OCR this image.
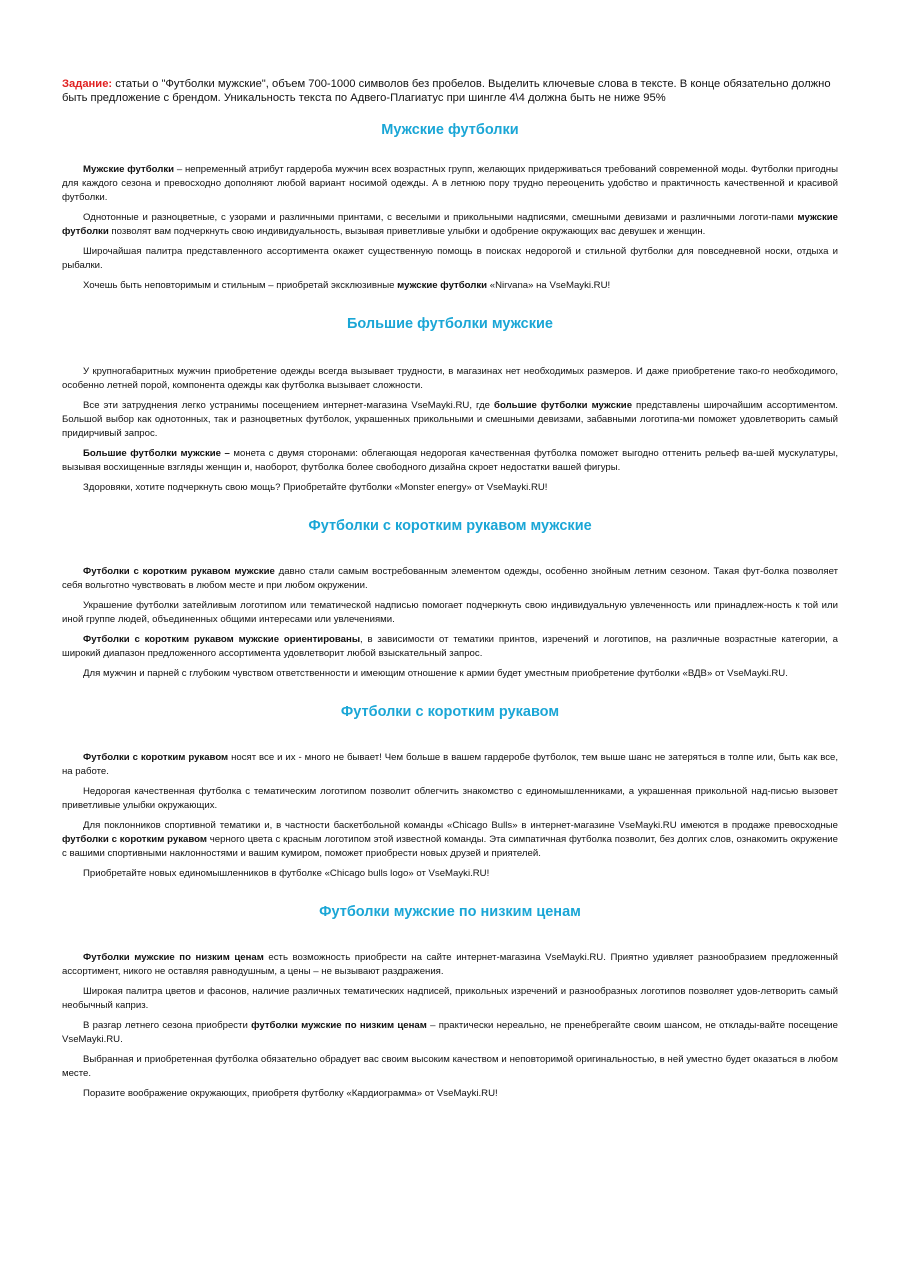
Задание: статьи о "Футболки мужские", объем 700-1000 символов без пробелов. Выделить ключевые слова в тексте. В конце обязательно должно быть предложение с брендом. Уникальность текста по Адвего-Плагиатус при шингле 4\4 должна быть не ниже 95%

Мужские футболки

Мужские футболки – непременный атрибут гардероба мужчин всех возрастных групп, желающих придерживаться требований современной моды. Футболки пригодны для каждого сезона и превосходно дополняют любой вариант носимой одежды. А в летнюю пору трудно переоценить удобство и практичность качественной и красивой футболки.

Однотонные и разноцветные, с узорами и различными принтами, с веселыми и прикольными надписями, смешными девизами и различными логоти-пами мужские футболки позволят вам подчеркнуть свою индивидуальность, вызывая приветливые улыбки и одобрение окружающих вас девушек и женщин.

Широчайшая палитра представленного ассортимента окажет существенную помощь в поисках недорогой и стильной футболки для повседневной носки, отдыха и рыбалки.

Хочешь быть неповторимым и стильным – приобретай эксклюзивные мужские футболки «Nirvana» на VseMayki.RU!

Большие футболки мужские

У крупногабаритных мужчин приобретение одежды всегда вызывает трудности, в магазинах нет необходимых размеров. И даже приобретение тако-го необходимого, особенно летней порой, компонента одежды как футболка вызывает сложности.

Все эти затруднения легко устранимы посещением интернет-магазина VseMayki.RU, где большие футболки мужские представлены широчайшим ассортиментом. Большой выбор как однотонных, так и разноцветных футболок, украшенных прикольными и смешными девизами, забавными логотипа-ми поможет удовлетворить самый придирчивый запрос.

Большие футболки мужские – монета с двумя сторонами: облегающая недорогая качественная футболка поможет выгодно оттенить рельеф ва-шей мускулатуры, вызывая восхищенные взгляды женщин и, наоборот, футболка более свободного дизайна скроет недостатки вашей фигуры.

Здоровяки, хотите подчеркнуть свою мощь? Приобретайте футболки «Monster energy» от VseMayki.RU!

Футболки с коротким рукавом мужские

Футболки с коротким рукавом мужские давно стали самым востребованным элементом одежды, особенно знойным летним сезоном. Такая фут-болка позволяет себя вольготно чувствовать в любом месте и при любом окружении.

Украшение футболки затейливым логотипом или тематической надписью помогает подчеркнуть свою индивидуальную увлеченность или принадлеж-ность к той или иной группе людей, объединенных общими интересами или увлечениями.

Футболки с коротким рукавом мужские ориентированы, в зависимости от тематики принтов, изречений и логотипов, на различные возрастные категории, а широкий диапазон предложенного ассортимента удовлетворит любой взыскательный запрос.

Для мужчин и парней с глубоким чувством ответственности и имеющим отношение к армии будет уместным приобретение футболки «ВДВ» от VseMayki.RU.

Футболки с коротким рукавом

Футболки с коротким рукавом носят все и их - много не бывает! Чем больше в вашем гардеробе футболок, тем выше шанс не затеряться в толпе или, быть как все, на работе.

Недорогая качественная футболка с тематическим логотипом позволит облегчить знакомство с единомышленниками, а украшенная прикольной над-писью вызовет приветливые улыбки окружающих.

Для поклонников спортивной тематики и, в частности баскетбольной команды «Chicago Bulls» в интернет-магазине VseMayki.RU имеются в продаже превосходные футболки с коротким рукавом черного цвета с красным логотипом этой известной команды. Эта симпатичная футболка позволит, без долгих слов, ознакомить окружение с вашими спортивными наклонностями и вашим кумиром, поможет приобрести новых друзей и приятелей.

Приобретайте новых единомышленников в футболке «Chicago bulls logo» от VseMayki.RU!

Футболки мужские по низким ценам

Футболки мужские по низким ценам есть возможность приобрести на сайте интернет-магазина VseMayki.RU. Приятно удивляет разнообразием предложенный ассортимент, никого не оставляя равнодушным, а цены – не вызывают раздражения.

Широкая палитра цветов и фасонов, наличие различных тематических надписей, прикольных изречений и разнообразных логотипов позволяет удов-летворить самый необычный каприз.

В разгар летнего сезона приобрести футболки мужские по низким ценам – практически нереально, не пренебрегайте своим шансом, не отклады-вайте посещение VseMayki.RU.

Выбранная и приобретенная футболка обязательно обрадует вас своим высоким качеством и неповторимой оригинальностью, в ней уместно будет оказаться в любом месте.

Поразите воображение окружающих, приобретя футболку «Кардиограмма» от VseMayki.RU!
